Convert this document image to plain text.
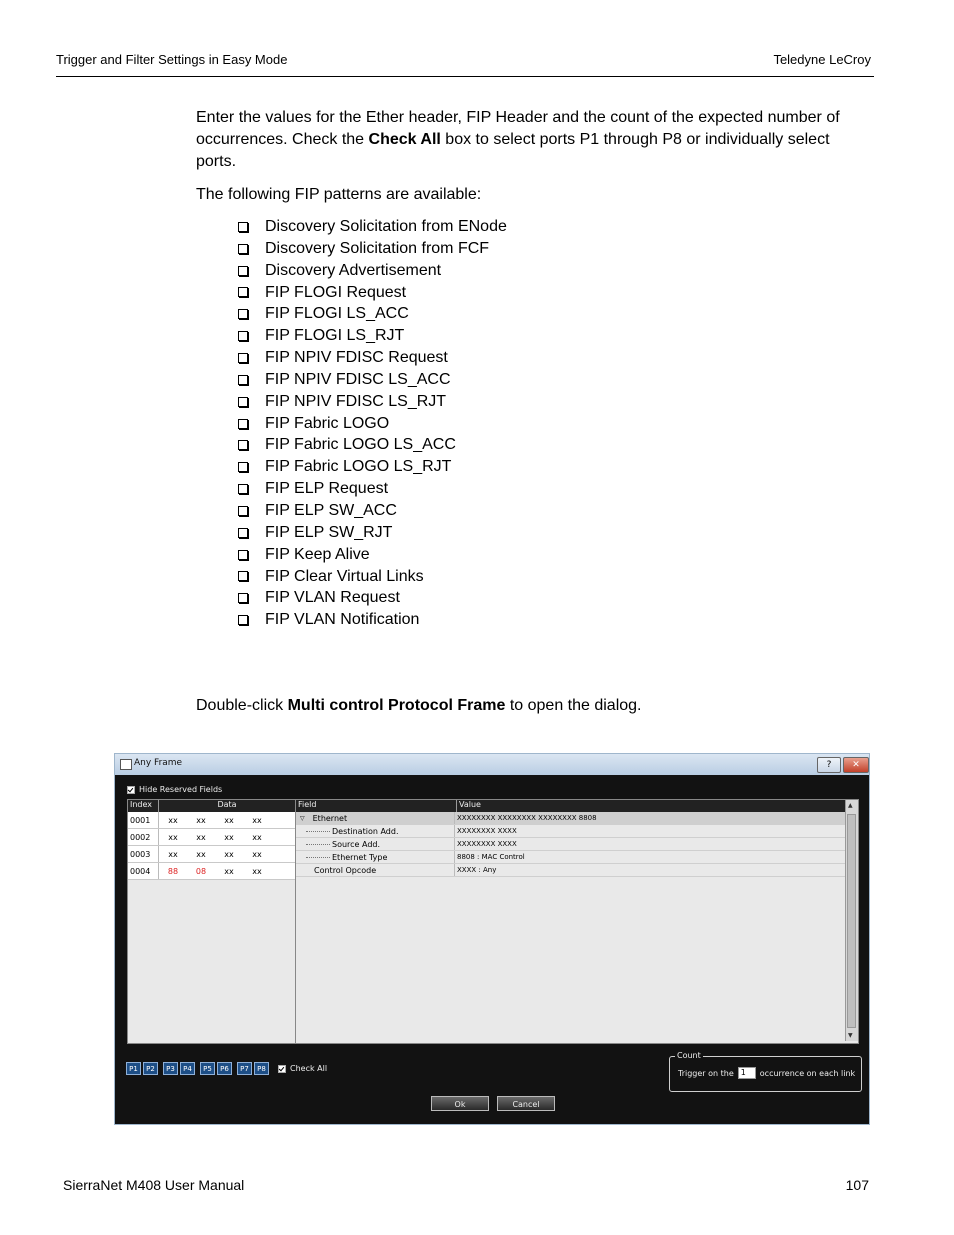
Trigger and Filter Settings in Easy Mode	Teledyne LeCroy
Enter the values for the Ether header, FIP Header and the count of the expected number of occurrences. Check the Check All box to select ports P1 through P8 or individually select ports.
The following FIP patterns are available:
Discovery Solicitation from ENode
Discovery Solicitation from FCF
Discovery Advertisement
FIP FLOGI Request
FIP FLOGI LS_ACC
FIP FLOGI LS_RJT
FIP NPIV FDISC Request
FIP NPIV FDISC LS_ACC
FIP NPIV FDISC LS_RJT
FIP Fabric LOGO
FIP Fabric LOGO LS_ACC
FIP Fabric LOGO LS_RJT
FIP ELP Request
FIP ELP SW_ACC
FIP ELP SW_RJT
FIP Keep Alive
FIP Clear Virtual Links
FIP VLAN Request
FIP VLAN Notification
Double-click Multi control Protocol Frame to open the dialog.
Any Frame	?	✕
Hide Reserved Fields
Index	Data
0001	xx	xx	xx	xx
0002	xx	xx	xx	xx
0003	xx	xx	xx	xx
0004	88	08	xx	xx
Field	Value
▽ Ethernet	XXXXXXXX XXXXXXXX XXXXXXXX 8808
Destination Add.	XXXXXXXX XXXX
Source Add.	XXXXXXXX XXXX
Ethernet Type	8808 : MAC Control
Control Opcode	XXXX : Any
▲
▼
P1	P2	P3	P4	P5	P6	P7	P8	Check All
Count
Trigger on the 1	occurrence on each link
Ok	Cancel
SierraNet M408 User Manual	107
